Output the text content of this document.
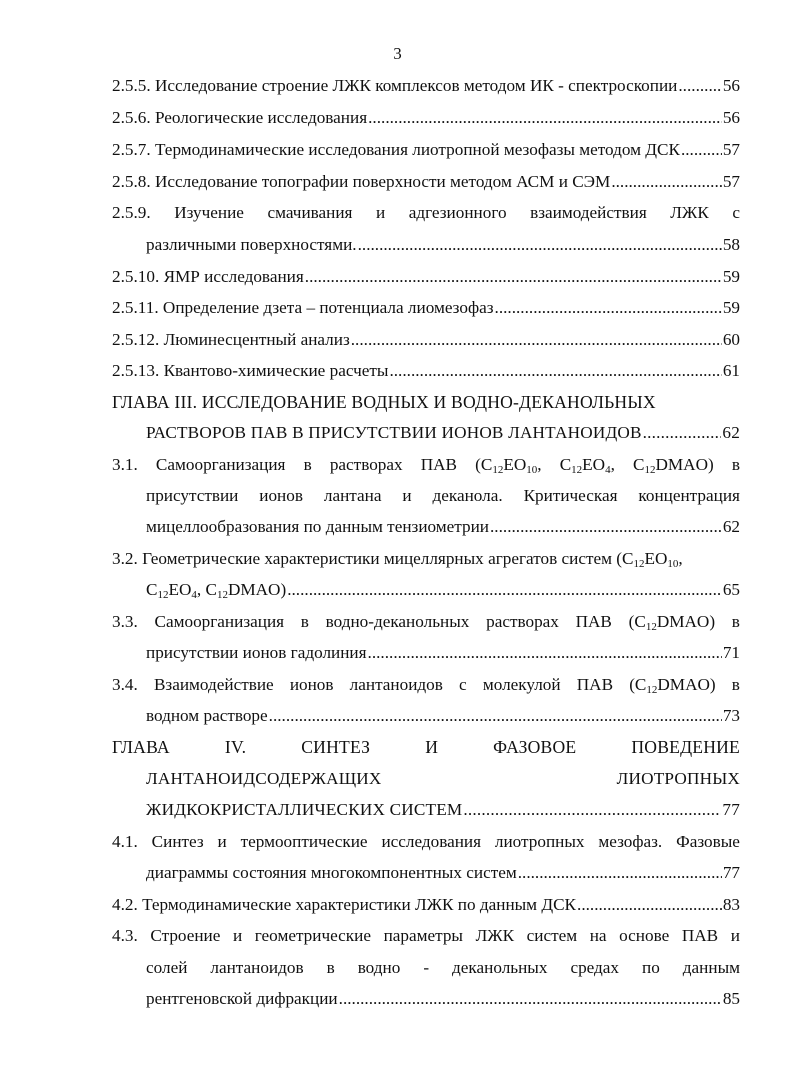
3
2.5.5. Исследование строение ЛЖК комплексов методом ИК - спектроскопии .....	56
2.5.6. Реологические исследования .....	56
2.5.7. Термодинамические исследования лиотропной мезофазы методом ДСК ..... 57
2.5.8. Исследование топографии поверхности методом АСМ и СЭМ .....	57
2.5.9. Изучение смачивания и адгезионного взаимодействия ЛЖК с
различными поверхностями. .....	58
2.5.10. ЯМР исследования .....	59
2.5.11. Определение дзета – потенциала лиомезофаз .....	59
2.5.12. Люминесцентный анализ .....	60
2.5.13. Квантово-химические расчеты .....	61
ГЛАВА III. ИССЛЕДОВАНИЕ ВОДНЫХ И ВОДНО-ДЕКАНОЛЬНЫХ
РАСТВОРОВ ПАВ В ПРИСУТСТВИИ ИОНОВ ЛАНТАНОИДОВ .....	62
3.1. Самоорганизация в растворах ПАВ ($C_{12}EO_{10}$, $C_{12}EO_4$, $C_{12}DMAO$) в
присутствии ионов лантана и деканола. Критическая концентрация
мицеллообразования по данным тензиометрии .....	62
3.2. Геометрические характеристики мицеллярных агрегатов систем ($C_{12}EO_{10}$,
$C_{12}EO_4$, $C_{12}DMAO$) .....	65
3.3. Самоорганизация в водно-деканольных растворах ПАВ $(C_{12}DMAO)$ в
присутствии ионов гадолиния .....	71
3.4. Взаимодействие ионов лантаноидов с молекулой ПАВ $(C_{12}DMAO)$ в
водном растворе .....	73
ГЛАВА	IV.	СИНТЕЗ	И	ФАЗОВОЕ	ПОВЕДЕНИЕ
ЛАНТАНОИДСОДЕРЖАЩИХ	ЛИОТРОПНЫХ
ЖИДКОКРИСТАЛЛИЧЕСКИХ СИСТЕМ .....	77
4.1. Синтез и термооптические исследования лиотропных мезофаз. Фазовые
диаграммы состояния многокомпонентных систем .....	77
4.2. Термодинамические характеристики ЛЖК по данным ДСК .....	83
4.3. Строение и геометрические параметры ЛЖК систем на основе ПАВ и
солей лантаноидов в водно - деканольных средах по данным
рентгеновской дифракции .....	85
